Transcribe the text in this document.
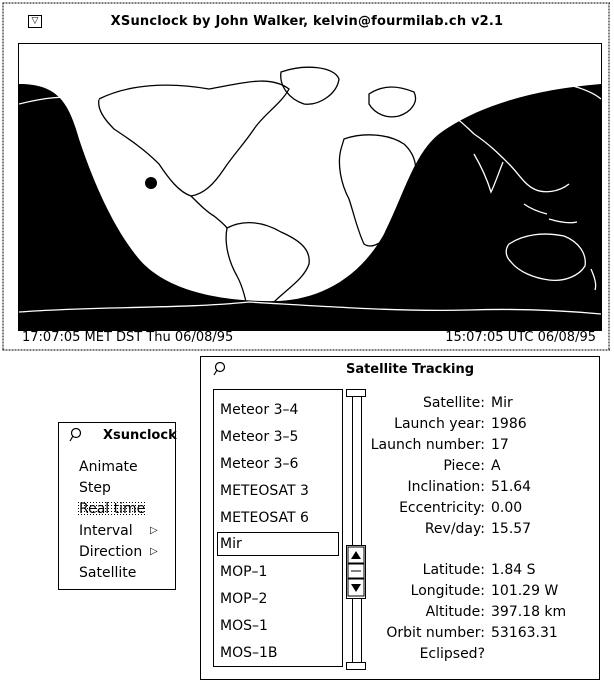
▽	XSunclock by John Walker, kelvin@fourmilab.ch v2.1
17:07:05 MET DST Thu 06/08/95	15:07:05 UTC 06/08/95
Xsunclock
Animate
Step
Real time
Interval ▷
Direction ▷
Satellite
Satellite Tracking
Meteor 3–4
Meteor 3–5
Meteor 3–6
METEOSAT 3
METEOSAT 6
Mir
MOP–1
MOP–2
MOS–1
MOS–1B
Satellite: Mir
Launch year: 1986
Launch number: 17
Piece: A
Inclination: 51.64
Eccentricity: 0.00
Rev/day: 15.57
Latitude: 1.84 S
Longitude: 101.29 W
Altitude: 397.18 km
Orbit number: 53163.31
Eclipsed?
